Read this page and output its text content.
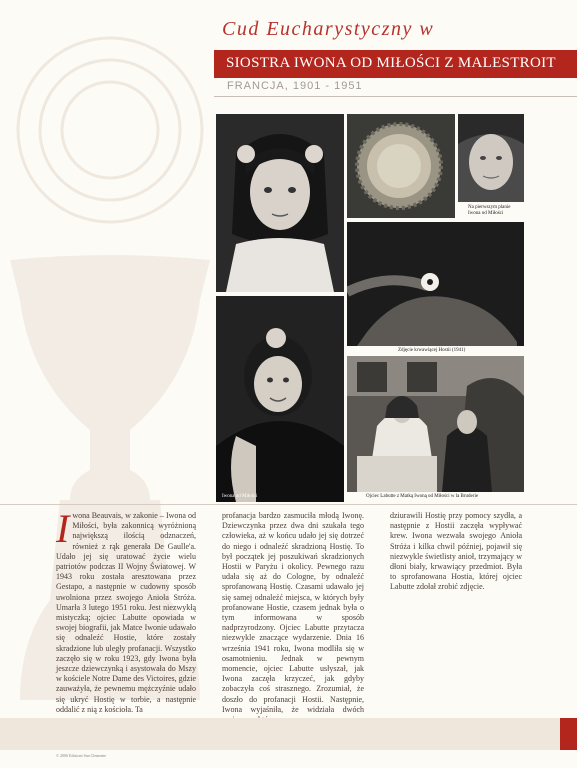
Cud Eucharystyczny w
SIOSTRA IWONA OD MIŁOŚCI Z MALESTROIT
FRANCJA, 1901 - 1951
Na pierwszym planie Iwona od Miłości
Zdjęcie krwawiącej Hostii (1941)
Iwona od Miłości	Ojciec Labutte z Matką Iwoną od Miłości w la Bruderie
Iwona Beauvais, w zakonie – Iwona od Miłości, była zakonnicą wyróżnioną największą ilością odznaczeń, również z rąk generała De Gaulle'a. Udało jej się uratować życie wielu patriotów podczas II Wojny Światowej. W 1943 roku została aresztowana przez Gestapo, a następnie w cudowny sposób uwolniona przez swojego Anioła Stróża. Umarła 3 lutego 1951 roku. Jest niezwykłą mistyczką; ojciec Labutte opowiada w swojej biografii, jak Matce Iwonie udawało się odnaleźć Hostie, które zostały skradzione lub uległy profanacji. Wszystko zaczęło się w roku 1923, gdy Iwona była jeszcze dziewczynką i asystowała do Mszy w kościele Notre Dame des Victoires, gdzie zauważyła, że pewnemu mężczyźnie udało się ukryć Hostię w torbie, a następnie oddalić z nią z kościoła. Ta
profanacja bardzo zasmuciła młodą Iwonę. Dziewczynka przez dwa dni szukała tego człowieka, aż w końcu udało jej się dotrzeć do niego i odnaleźć skradzioną Hostię. To był początek jej poszukiwań skradzionych Hostii w Paryżu i okolicy. Pewnego razu udała się aż do Cologne, by odnaleźć sprofanowaną Hostię. Czasami udawało jej się samej odnaleźć miejsca, w których były profanowane Hostie, czasem jednak była o tym informowana w sposób nadprzyrodzony. Ojciec Labutte przytacza niezwykle znaczące wydarzenie. Dnia 16 września 1941 roku, Iwona modliła się w osamotnieniu. Jednak w pewnym momencie, ojciec Labutte usłyszał, jak Iwona zaczęła krzyczeć, jak gdyby zobaczyła coś strasznego. Zrozumiał, że doszło do profanacji Hostii. Następnie, Iwona wyjaśniła, że widziała dwóch
dziurawili Hostię przy pomocy szydła, a następnie z Hostii zaczęła wypływać krew. Iwona wezwała swojego Anioła Stróża i kilka chwil później, pojawił się niezwykle świetlisty anioł, trzymający w dłoni biały, krwawiący przedmiot. Była to sprofanowana Hostia, której ojciec Labutte zdołał zrobić zdjęcie.
© 2006 Edizioni San Clemente
